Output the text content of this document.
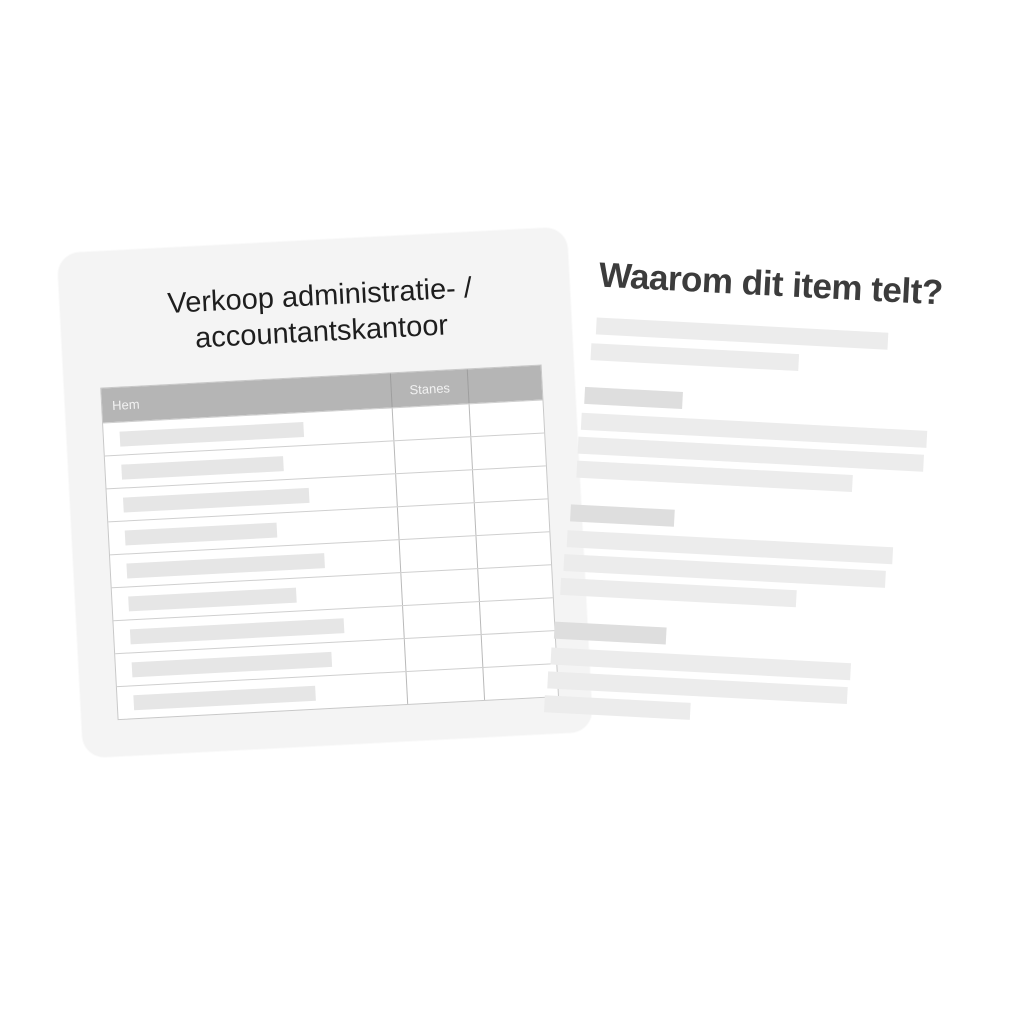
Verkoop administratie- /
accountantskantoor
Hem
Stanes
Waarom dit item telt?
